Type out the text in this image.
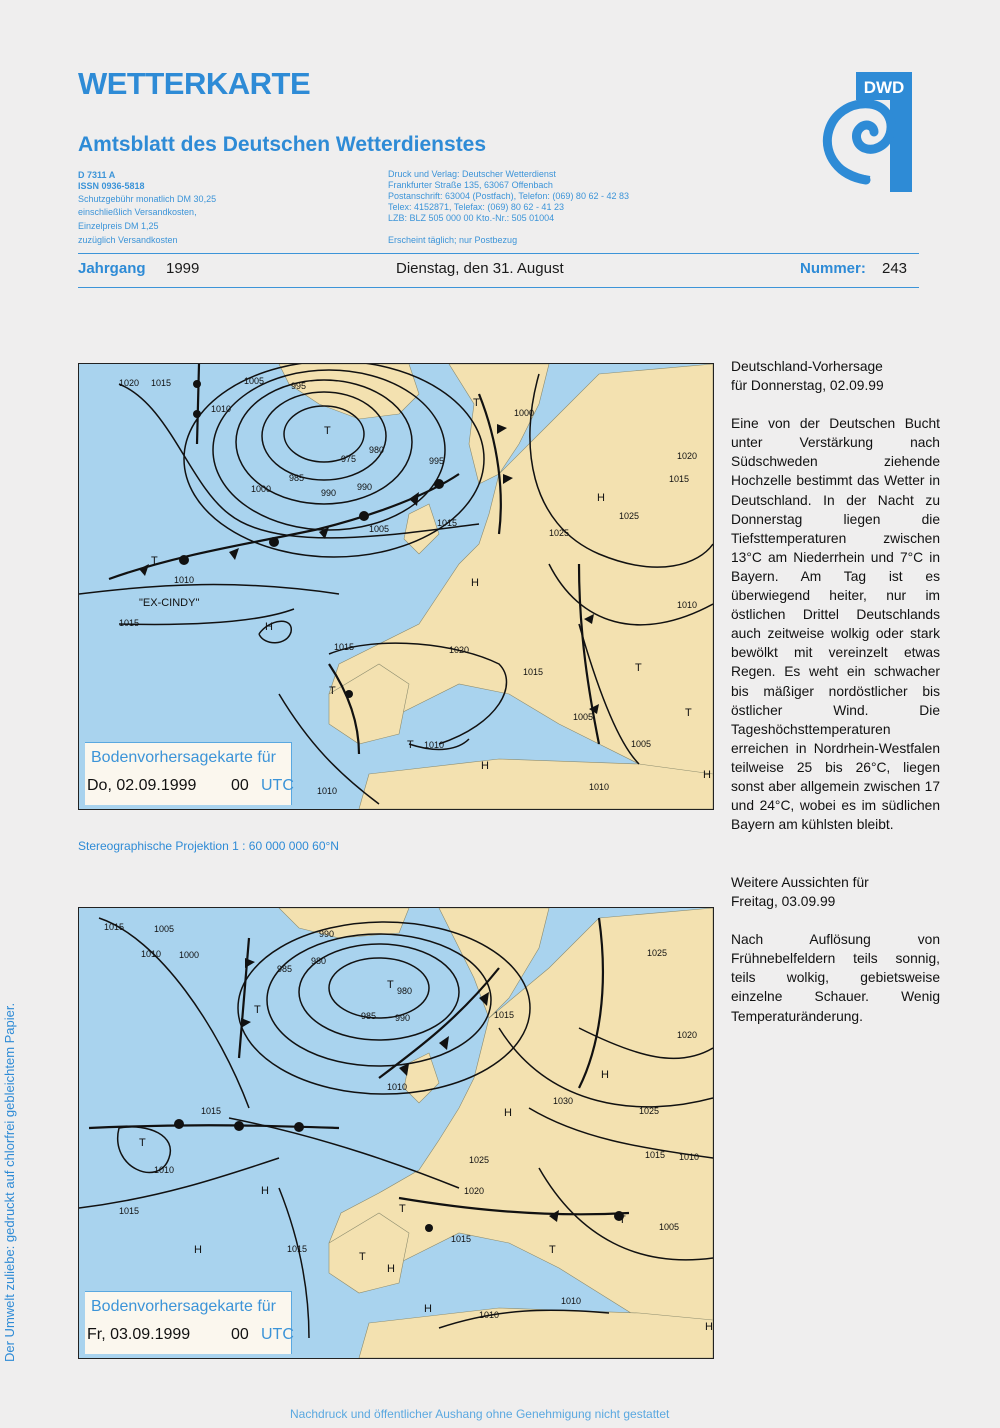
WETTERKARTE
Amtsblatt des Deutschen Wetterdienstes
D 7311 A
ISSN 0936-5818
Schutzgebühr monatlich DM 30,25
einschließlich Versandkosten,
Einzelpreis DM 1,25
zuzüglich Versandkosten
Druck und Verlag: Deutscher Wetterdienst
Frankfurter Straße 135, 63067 Offenbach
Postanschrift: 63004 (Postfach), Telefon: (069) 80 62 - 42 83
Telex: 4152871, Telefax: (069) 80 62 - 41 23
LZB: BLZ 505 000 00 Kto.-Nr.: 505 01004
Erscheint täglich; nur Postbezug
DWD
Jahrgang 1999	Dienstag, den 31. August	Nummer: 243
1020 1015	1005	995
1010
975
980
995
985
990
990
1000
1005
1015
1000
1020
1015
1025
1025
1010
1015
1015	1020
1015
1010
1005
1005
1010
1010	1010
T
T
H
H
H
T
T
T
T
H
H
T
"EX-CINDY"
Bodenvorhersagekarte für
Do, 02.09.1999 00 UTC
Stereographische Projektion 1 : 60 000 000 60°N
1015	1005
1010 1000
990
980
985
980
985 990	1015
1010
1025
1020
1030
1025
1015 1010
1015
1010
1015
1025
1020
1015
1015
1005
1010
1010
T
T
H
H
T
H
H
T
T
H
T
T
H
H
Bodenvorhersagekarte für
Fr, 03.09.1999	00 UTC

Deutschland-Vorhersage

für Donnerstag, 02.09.99

Eine von der Deutschen Bucht unter Verstärkung nach Südschweden ziehende Hochzelle bestimmt das Wetter in Deutschland. In der Nacht zu Donnerstag liegen die Tiefsttemperaturen zwischen 13°C am Niederrhein und 7°C in Bayern. Am Tag ist es überwiegend heiter, nur im östlichen Drittel Deutschlands auch zeitweise wolkig oder stark bewölkt mit vereinzelt etwas Regen. Es weht ein schwacher bis mäßiger nordöstlicher bis östlicher Wind. Die Tageshöchsttemperaturen erreichen in Nordrhein-Westfalen teilweise 25 bis 26°C, liegen sonst aber allgemein zwischen 17 und 24°C, wobei es im südlichen Bayern am kühlsten bleibt.

Weitere Aussichten für

Freitag, 03.09.99

Nach Auflösung von Frühnebelfeldern teils sonnig, teils wolkig, gebietsweise einzelne Schauer. Wenig Temperaturänderung.

Der Umwelt zuliebe: gedruckt auf chlorfrei gebleichtem Papier.
Nachdruck und öffentlicher Aushang ohne Genehmigung nicht gestattet
